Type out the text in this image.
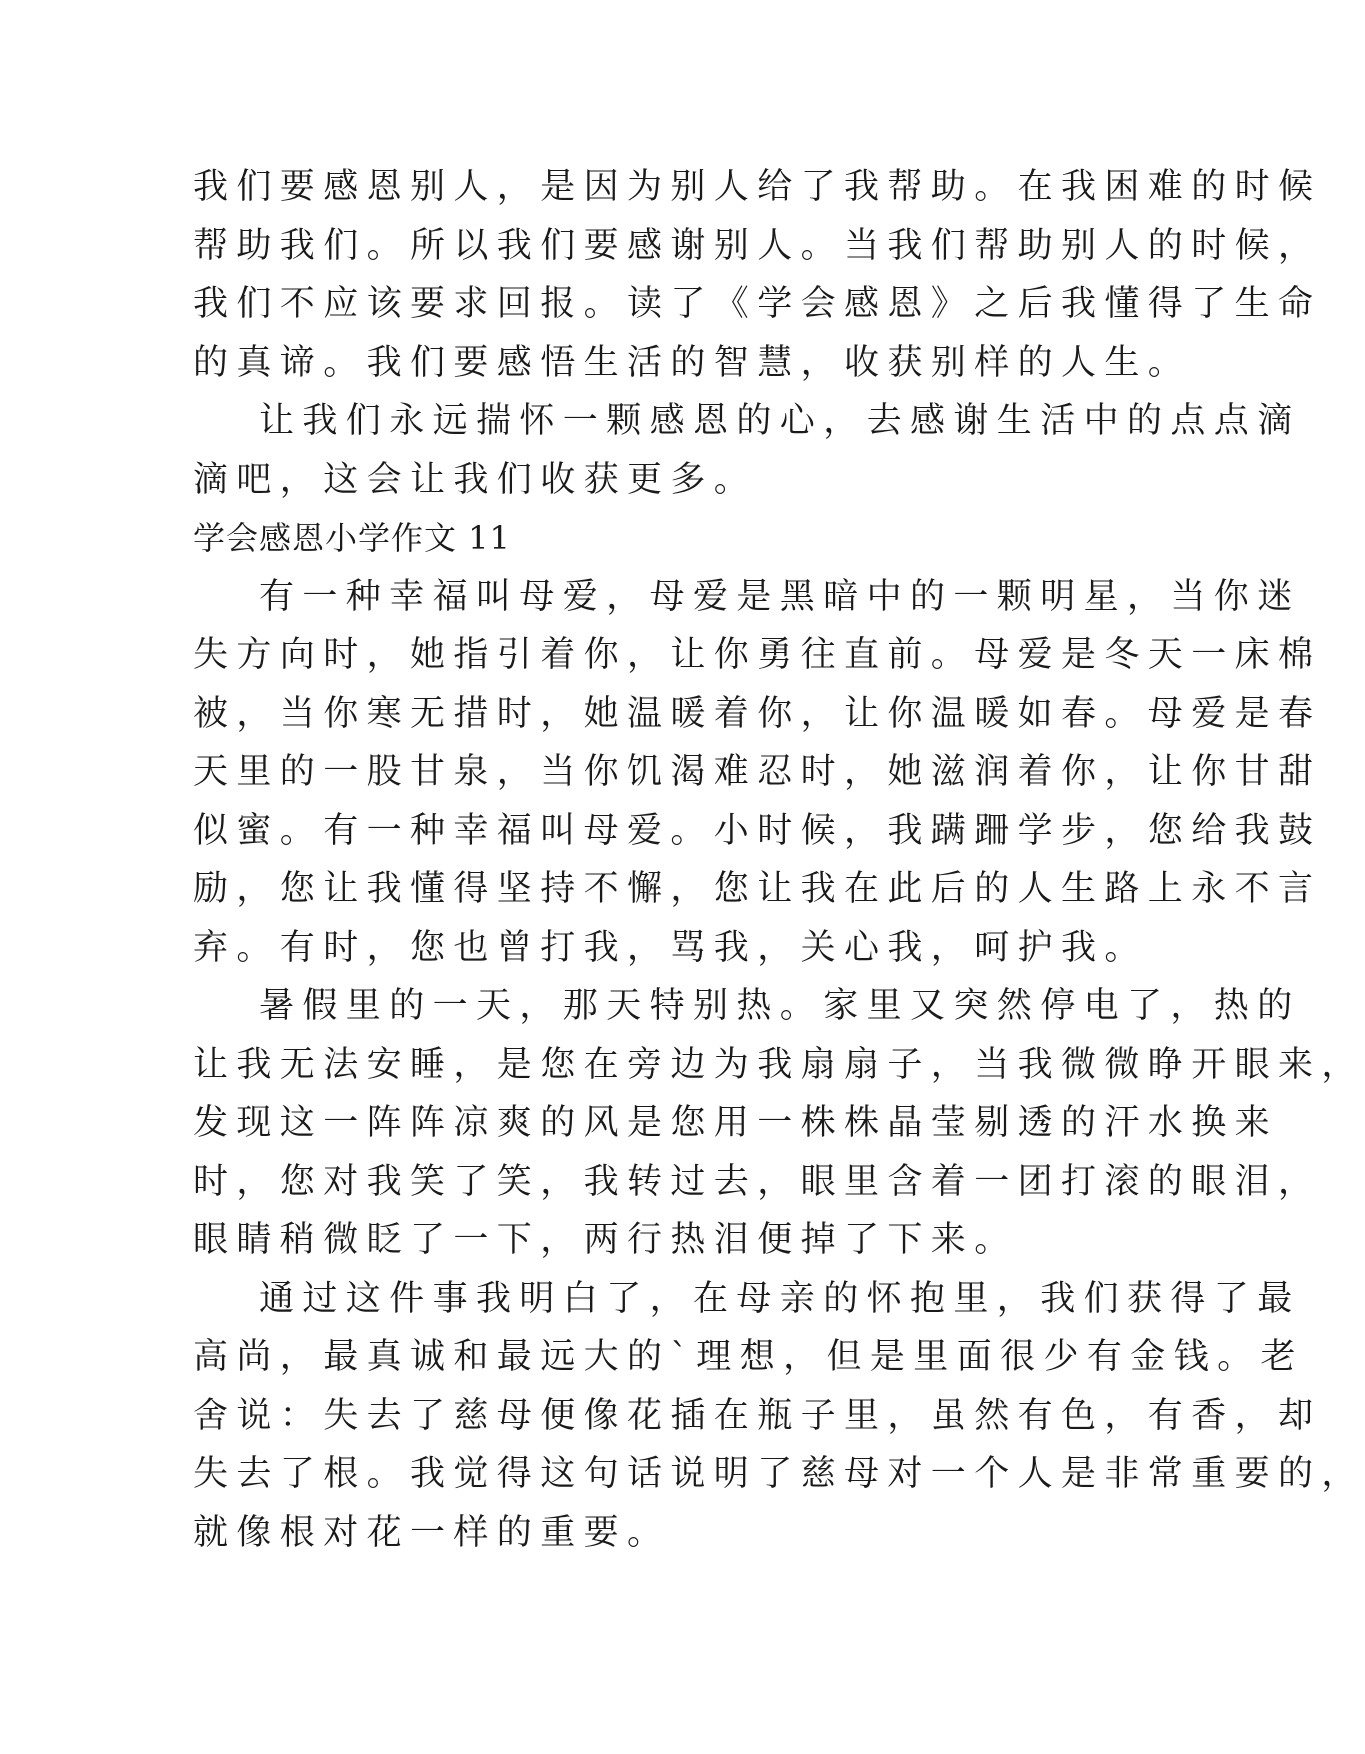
我们要感恩别人，是因为别人给了我帮助。在我困难的时候
帮助我们。所以我们要感谢别人。当我们帮助别人的时候，
我们不应该要求回报。读了《学会感恩》之后我懂得了生命
的真谛。我们要感悟生活的智慧，收获别样的人生。
让我们永远揣怀一颗感恩的心，去感谢生活中的点点滴
滴吧，这会让我们收获更多。
学会感恩小学作文 11
有一种幸福叫母爱，母爱是黑暗中的一颗明星，当你迷
失方向时，她指引着你，让你勇往直前。母爱是冬天一床棉
被，当你寒无措时，她温暖着你，让你温暖如春。母爱是春
天里的一股甘泉，当你饥渴难忍时，她滋润着你，让你甘甜
似蜜。有一种幸福叫母爱。小时候，我蹒跚学步，您给我鼓
励，您让我懂得坚持不懈，您让我在此后的人生路上永不言
弃。有时，您也曾打我，骂我，关心我，呵护我。
暑假里的一天，那天特别热。家里又突然停电了，热的
让我无法安睡，是您在旁边为我扇扇子，当我微微睁开眼来，
发现这一阵阵凉爽的风是您用一株株晶莹剔透的汗水换来
时，您对我笑了笑，我转过去，眼里含着一团打滚的眼泪，
眼睛稍微眨了一下，两行热泪便掉了下来。
通过这件事我明白了，在母亲的怀抱里，我们获得了最
高尚，最真诚和最远大的`理想，但是里面很少有金钱。老
舍说：失去了慈母便像花插在瓶子里，虽然有色，有香，却
失去了根。我觉得这句话说明了慈母对一个人是非常重要的，
就像根对花一样的重要。
